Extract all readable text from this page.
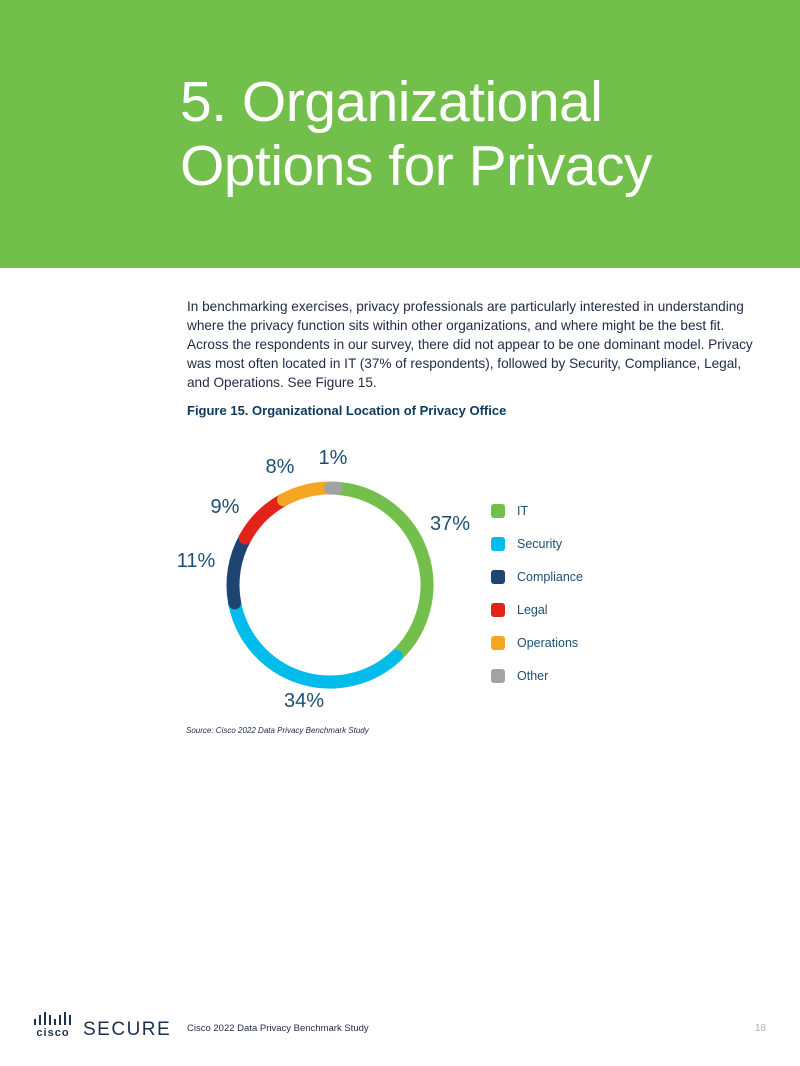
5. Organizational
Options for Privacy

In benchmarking exercises, privacy professionals are particularly interested in understanding where the privacy function sits within other organizations, and where might be the best fit. Across the respondents in our survey, there did not appear to be one dominant model. Privacy was most often located in IT (37% of respondents), followed by Security, Compliance, Legal, and Operations. See Figure 15.

Figure 15. Organizational Location of Privacy Office
37%
34%
11%
9%
8% 1%
IT
Security
Compliance
Legal
Operations
Other
Source: Cisco 2022 Data Privacy Benchmark Study
cisco SECURE Cisco 2022 Data Privacy Benchmark Study	18
